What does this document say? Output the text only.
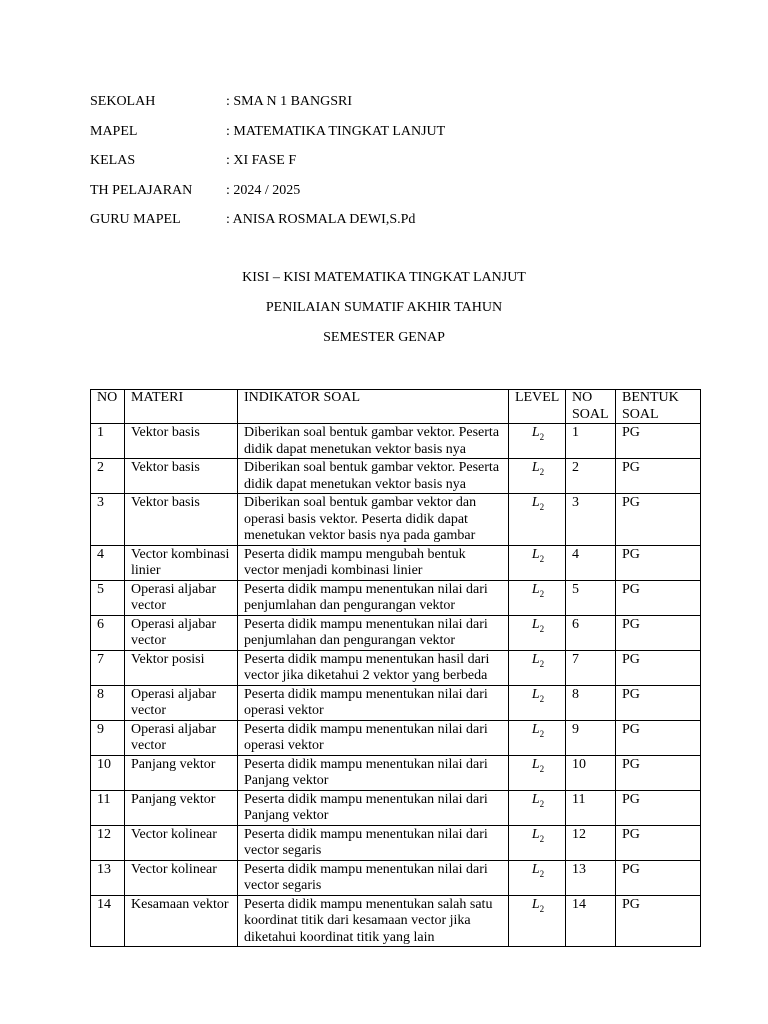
SEKOLAH	: SMA N 1 BANGSRI
MAPEL	: MATEMATIKA TINGKAT LANJUT
KELAS	: XI FASE F
TH PELAJARAN	: 2024 / 2025
GURU MAPEL	: ANISA ROSMALA DEWI,S.Pd
KISI – KISI MATEMATIKA TINGKAT LANJUT
PENILAIAN SUMATIF AKHIR TAHUN
SEMESTER GENAP
NO	MATERI	INDIKATOR SOAL	LEVEL	NO SOAL	BENTUK SOAL
1	Vektor basis	Diberikan soal bentuk gambar vektor. Peserta didik dapat menetukan vektor basis nya	$L_2$	1	PG
2	Vektor basis	Diberikan soal bentuk gambar vektor. Peserta didik dapat menetukan vektor basis nya	$L_2$	2	PG
3	Vektor basis	Diberikan soal bentuk gambar vektor dan operasi basis vektor. Peserta didik dapat menetukan vektor basis nya pada gambar	$L_2$	3	PG
4	Vector kombinasi linier	Peserta didik mampu mengubah bentuk vector menjadi kombinasi linier	$L_2$	4	PG
5	Operasi aljabar vector	Peserta didik mampu menentukan nilai dari penjumlahan dan pengurangan vektor	$L_2$	5	PG
6	Operasi aljabar vector	Peserta didik mampu menentukan nilai dari penjumlahan dan pengurangan vektor	$L_2$	6	PG
7	Vektor posisi	Peserta didik mampu menentukan hasil dari vector jika diketahui 2 vektor yang berbeda	$L_2$	7	PG
8	Operasi aljabar vector	Peserta didik mampu menentukan nilai dari operasi vektor	$L_2$	8	PG
9	Operasi aljabar vector	Peserta didik mampu menentukan nilai dari operasi vektor	$L_2$	9	PG
10	Panjang vektor	Peserta didik mampu menentukan nilai dari Panjang vektor	$L_2$	10	PG
11	Panjang vektor	Peserta didik mampu menentukan nilai dari Panjang vektor	$L_2$	11	PG
12	Vector kolinear	Peserta didik mampu menentukan nilai dari vector segaris	$L_2$	12	PG
13	Vector kolinear	Peserta didik mampu menentukan nilai dari vector segaris	$L_2$	13	PG
14	Kesamaan vektor	Peserta didik mampu menentukan salah satu koordinat titik dari kesamaan vector jika diketahui koordinat titik yang lain	$L_2$	14	PG
